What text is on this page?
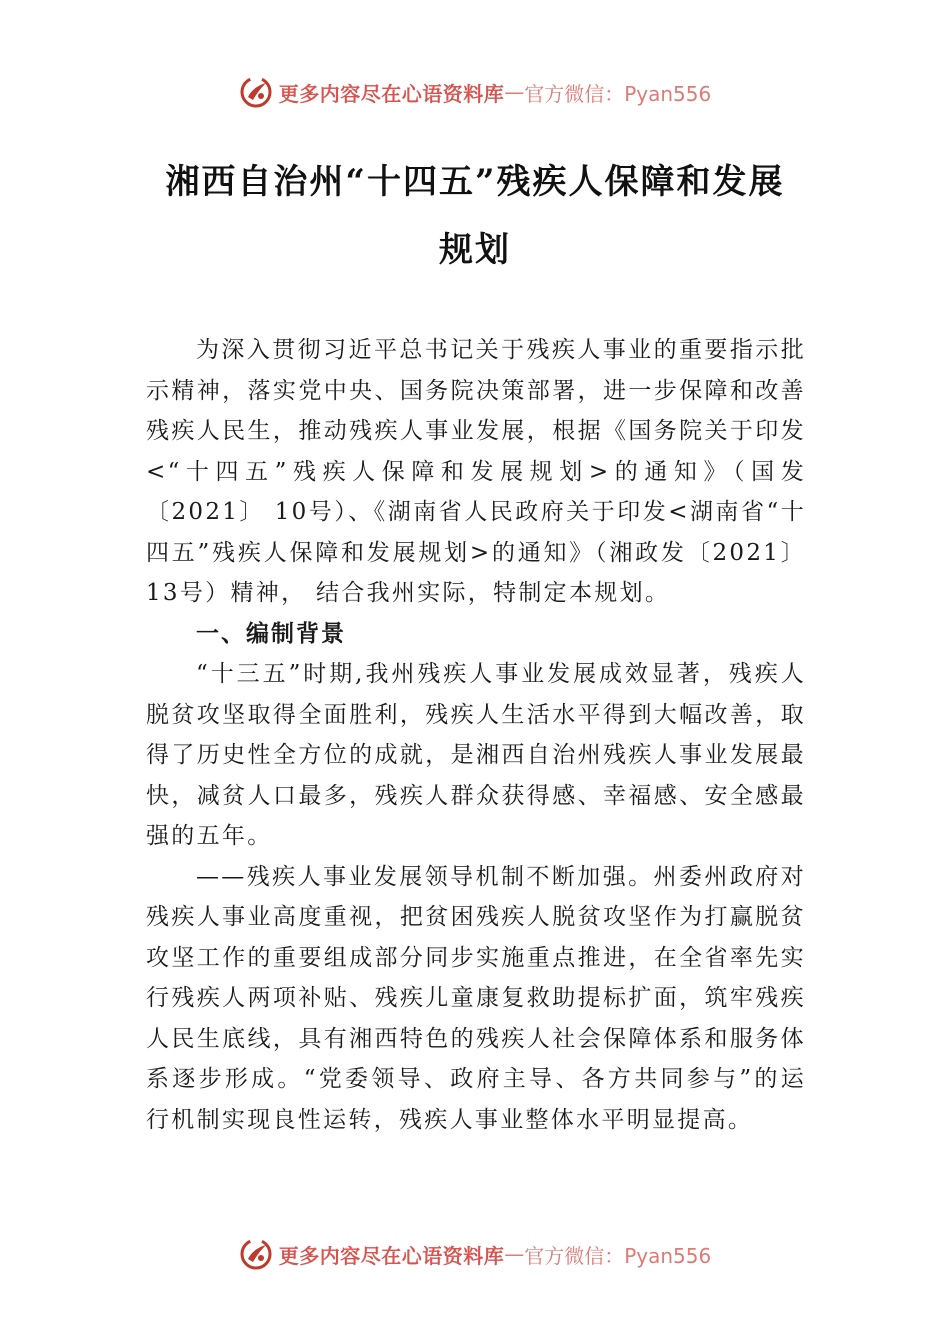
更多内容尽在心语资料库 — 官方微信：Pyan556
湘西自治州“十四五”残疾人保障和发展
规划

为深入贯彻习近平总书记关于残疾人事业的重要指示批示精神，落实党中央、国务院决策部署，进一步保障和改善残疾人民生，推动残疾人事业发展，根据《国务院关于印发<“十四五”残疾人保障和发展规划>的通知》（国发〔2021〕 10号）、《湖南省人民政府关于印发<湖南省“十四五”残疾人保障和发展规划>的通知》（湘政发〔2021〕13号）精神， 结合我州实际，特制定本规划。

一、编制背景

“十三五”时期,我州残疾人事业发展成效显著，残疾人脱贫攻坚取得全面胜利，残疾人生活水平得到大幅改善，取得了历史性全方位的成就，是湘西自治州残疾人事业发展最快，减贫人口最多，残疾人群众获得感、幸福感、安全感最强的五年。

——残疾人事业发展领导机制不断加强。州委州政府对残疾人事业高度重视，把贫困残疾人脱贫攻坚作为打赢脱贫攻坚工作的重要组成部分同步实施重点推进，在全省率先实行残疾人两项补贴、残疾儿童康复救助提标扩面，筑牢残疾人民生底线，具有湘西特色的残疾人社会保障体系和服务体系逐步形成。“党委领导、政府主导、各方共同参与”的运行机制实现良性运转，残疾人事业整体水平明显提高。

更多内容尽在心语资料库 — 官方微信：Pyan556
